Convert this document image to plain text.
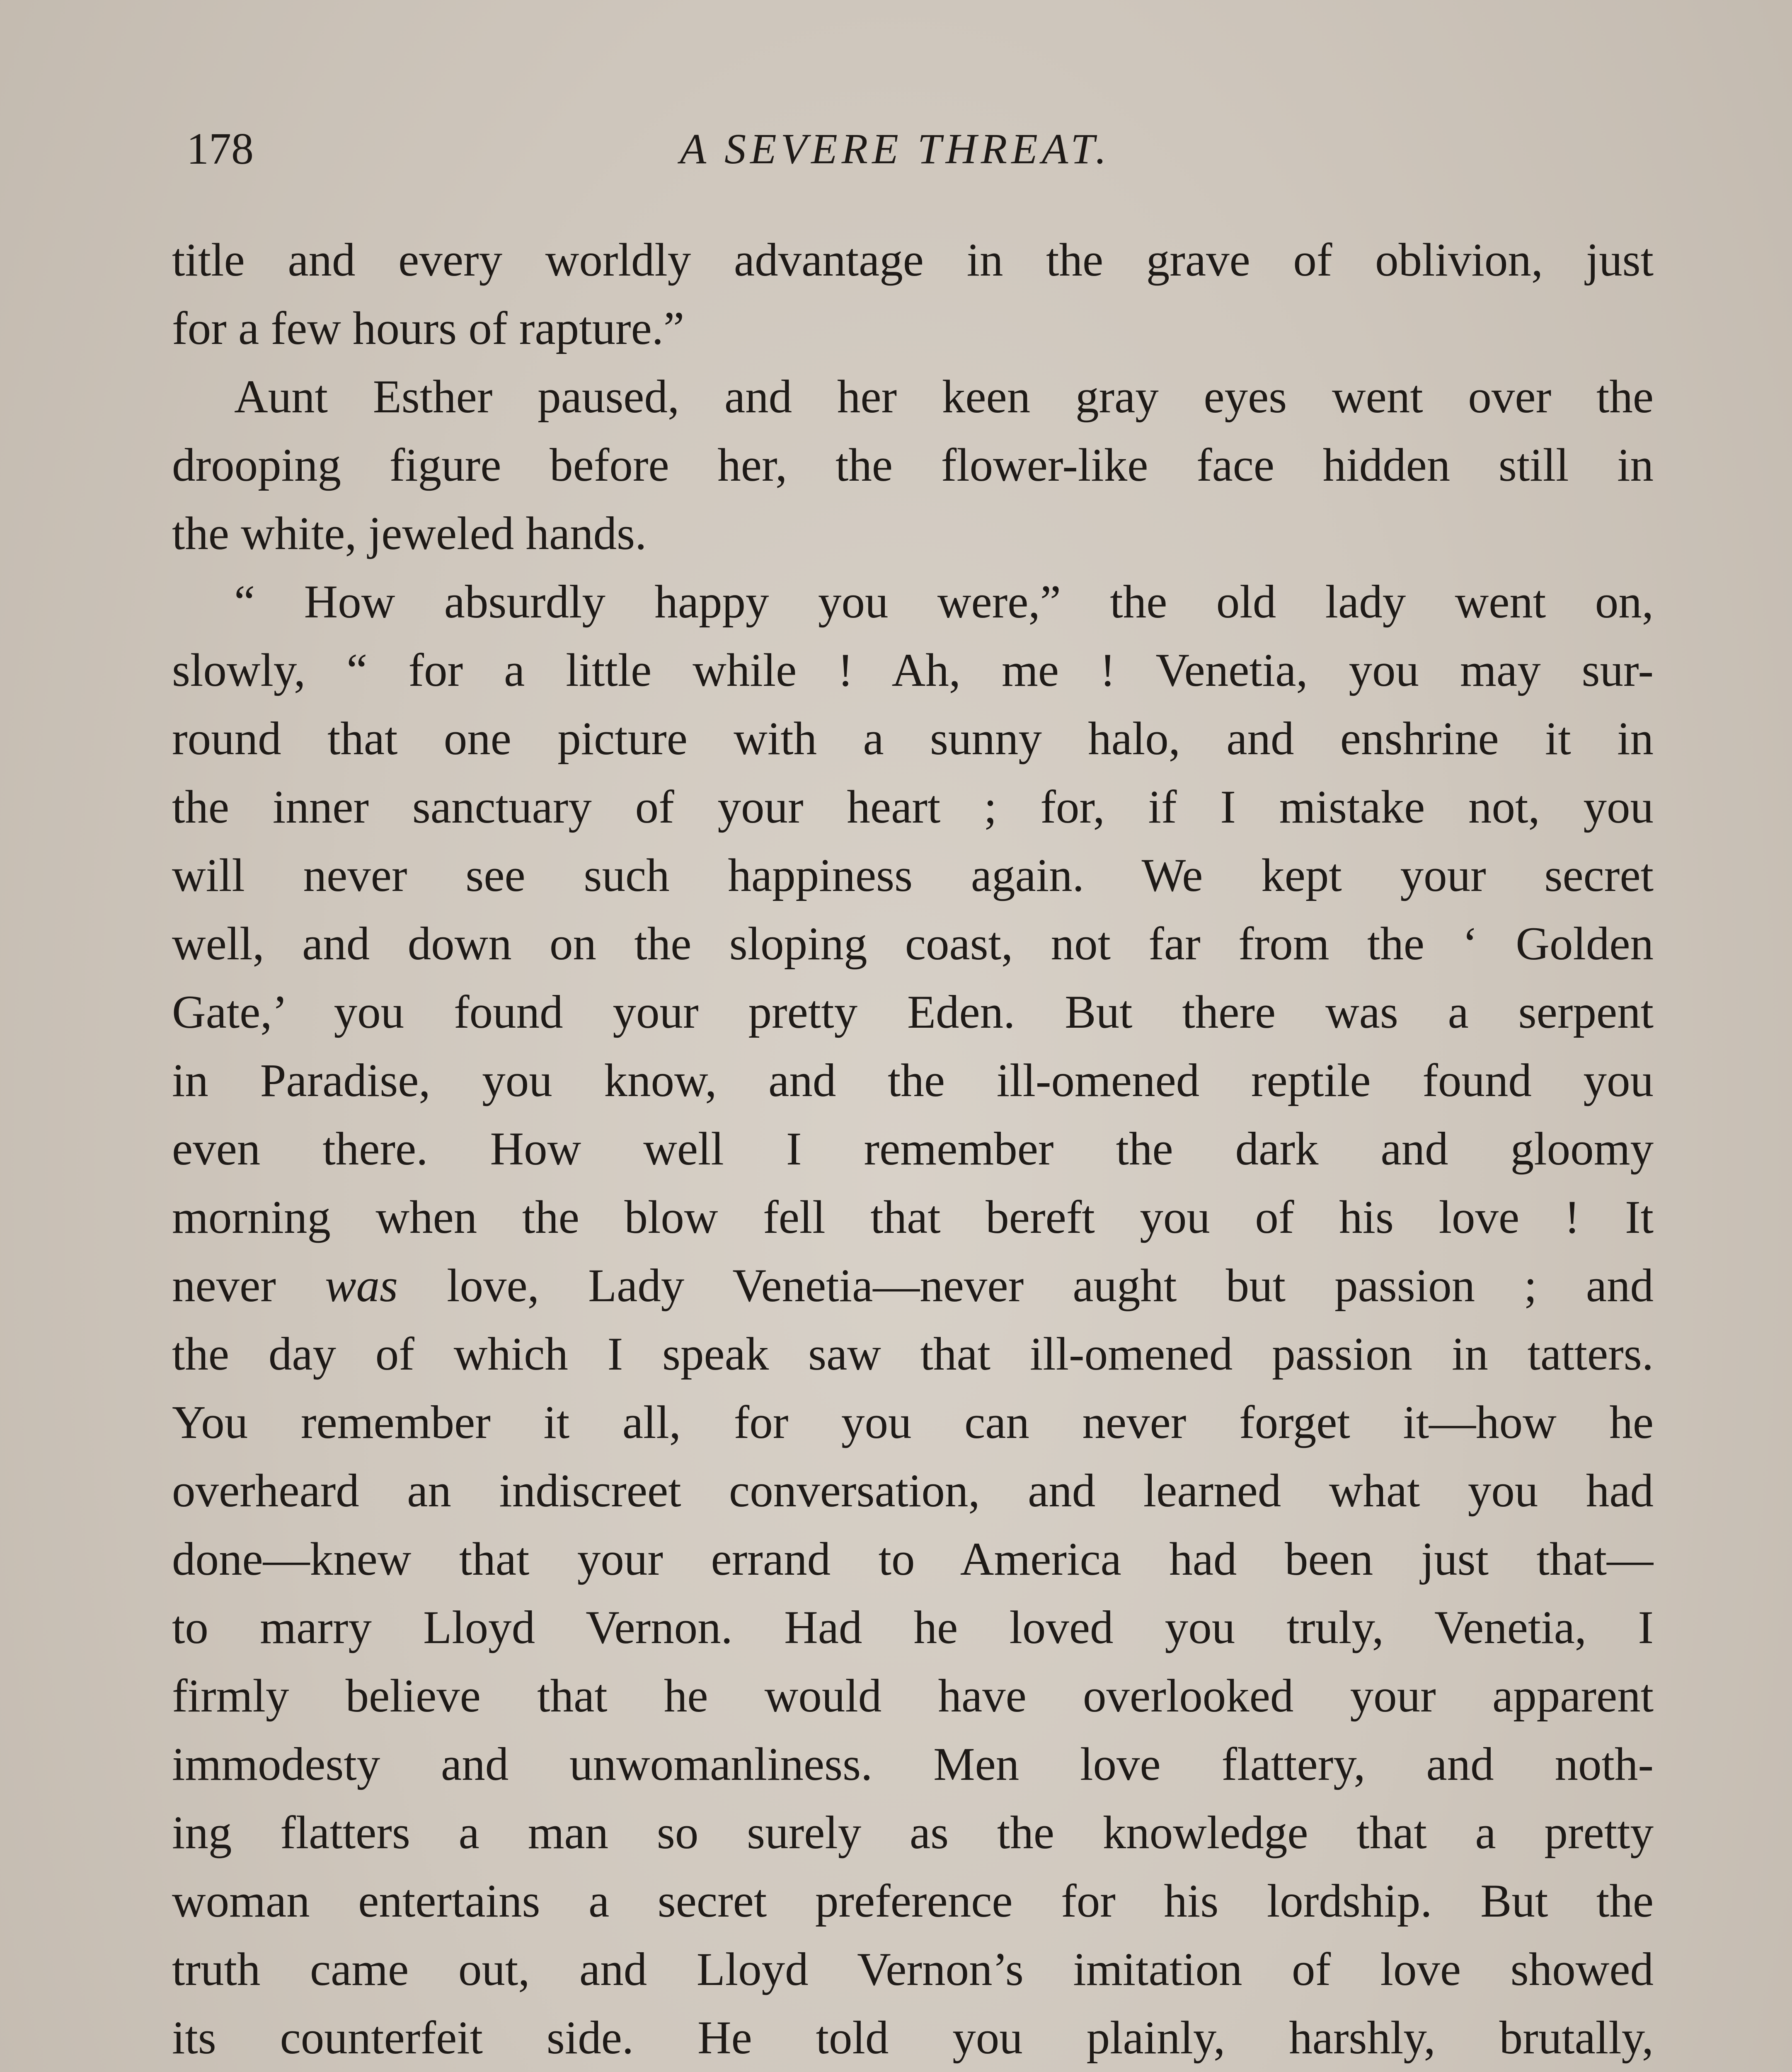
178	A SEVERE THREAT.
title and every worldly advantage in the grave of oblivion, just
for a few hours of rapture.”
Aunt Esther paused, and her keen gray eyes went over the
drooping figure before her, the flower-like face hidden still in
the white, jeweled hands.
“ How absurdly happy you were,” the old lady went on,
slowly, “ for a little while ! Ah, me ! Venetia, you may sur-
round that one picture with a sunny halo, and enshrine it in
the inner sanctuary of your heart ; for, if I mistake not, you
will never see such happiness again. We kept your secret
well, and down on the sloping coast, not far from the ‘ Golden
Gate,’ you found your pretty Eden. But there was a serpent
in Paradise, you know, and the ill-omened reptile found you
even there. How well I remember the dark and gloomy
morning when the blow fell that bereft you of his love ! It
never was love, Lady Venetia—never aught but passion ; and
the day of which I speak saw that ill-omened passion in tatters.
You remember it all, for you can never forget it—how he
overheard an indiscreet conversation, and learned what you had
done—knew that your errand to America had been just that—
to marry Lloyd Vernon. Had he loved you truly, Venetia, I
firmly believe that he would have overlooked your apparent
immodesty and unwomanliness. Men love flattery, and noth-
ing flatters a man so surely as the knowledge that a pretty
woman entertains a secret preference for his lordship. But the
truth came out, and Lloyd Vernon’s imitation of love showed
its counterfeit side. He told you plainly, harshly, brutally,
